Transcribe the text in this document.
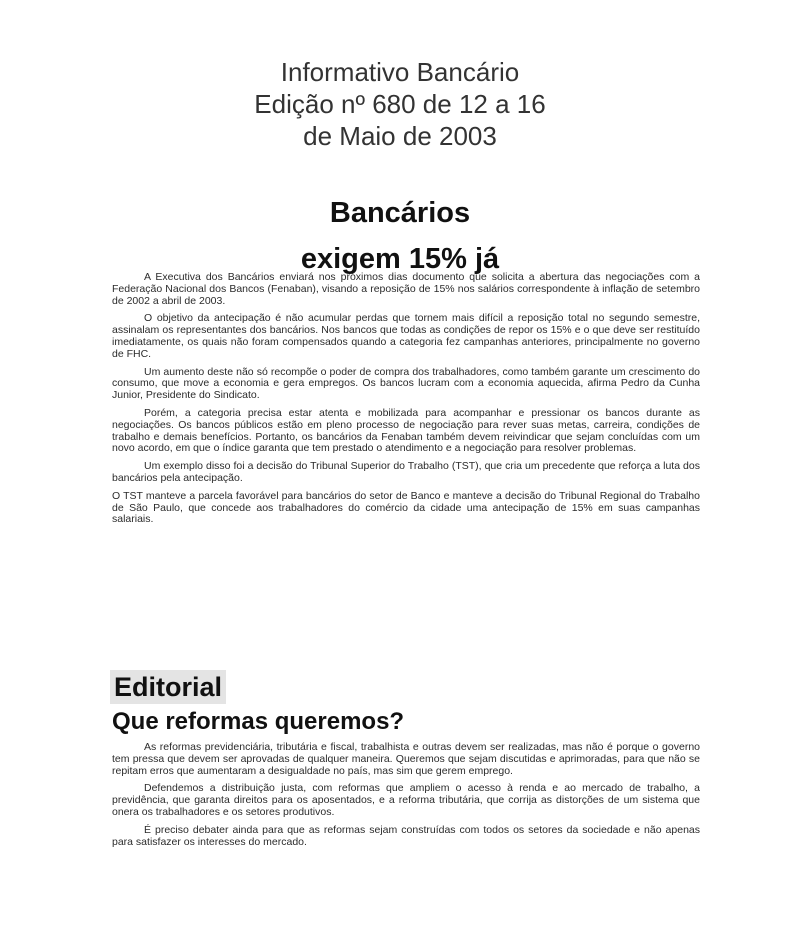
Informativo Bancário
Edição nº 680 de 12 a 16
de Maio de 2003
Bancários
exigem 15% já

A Executiva dos Bancários enviará nos próximos dias documento que solicita a abertura das negociações com a Federação Nacional dos Bancos (Fenaban), visando a reposição de 15% nos salários correspondente à inflação de setembro de 2002 a abril de 2003.

O objetivo da antecipação é não acumular perdas que tornem mais difícil a reposição total no segundo semestre, assinalam os representantes dos bancários. Nos bancos que todas as condições de repor os 15% e o que deve ser restituído imediatamente, os quais não foram compensados quando a categoria fez campanhas anteriores, principalmente no governo de FHC.

Um aumento deste não só recompõe o poder de compra dos trabalhadores, como também garante um crescimento do consumo, que move a economia e gera empregos. Os bancos lucram com a economia aquecida, afirma Pedro da Cunha Junior, Presidente do Sindicato.

Porém, a categoria precisa estar atenta e mobilizada para acompanhar e pressionar os bancos durante as negociações. Os bancos públicos estão em pleno processo de negociação para rever suas metas, carreira, condições de trabalho e demais benefícios. Portanto, os bancários da Fenaban também devem reivindicar que sejam concluídas com um novo acordo, em que o índice garanta que tem prestado o atendimento e a negociação para resolver problemas.

Um exemplo disso foi a decisão do Tribunal Superior do Trabalho (TST), que cria um precedente que reforça a luta dos bancários pela antecipação.

O TST manteve a parcela favorável para bancários do setor de Banco e manteve a decisão do Tribunal Regional do Trabalho de São Paulo, que concede aos trabalhadores do comércio da cidade uma antecipação de 15% em suas campanhas salariais.

Editorial
Que reformas queremos?

As reformas previdenciária, tributária e fiscal, trabalhista e outras devem ser realizadas, mas não é porque o governo tem pressa que devem ser aprovadas de qualquer maneira. Queremos que sejam discutidas e aprimoradas, para que não se repitam erros que aumentaram a desigualdade no país, mas sim que gerem emprego.

Defendemos a distribuição justa, com reformas que ampliem o acesso à renda e ao mercado de trabalho, a previdência, que garanta direitos para os aposentados, e a reforma tributária, que corrija as distorções de um sistema que onera os trabalhadores e os setores produtivos.

É preciso debater ainda para que as reformas sejam construídas com todos os setores da sociedade e não apenas para satisfazer os interesses do mercado.
